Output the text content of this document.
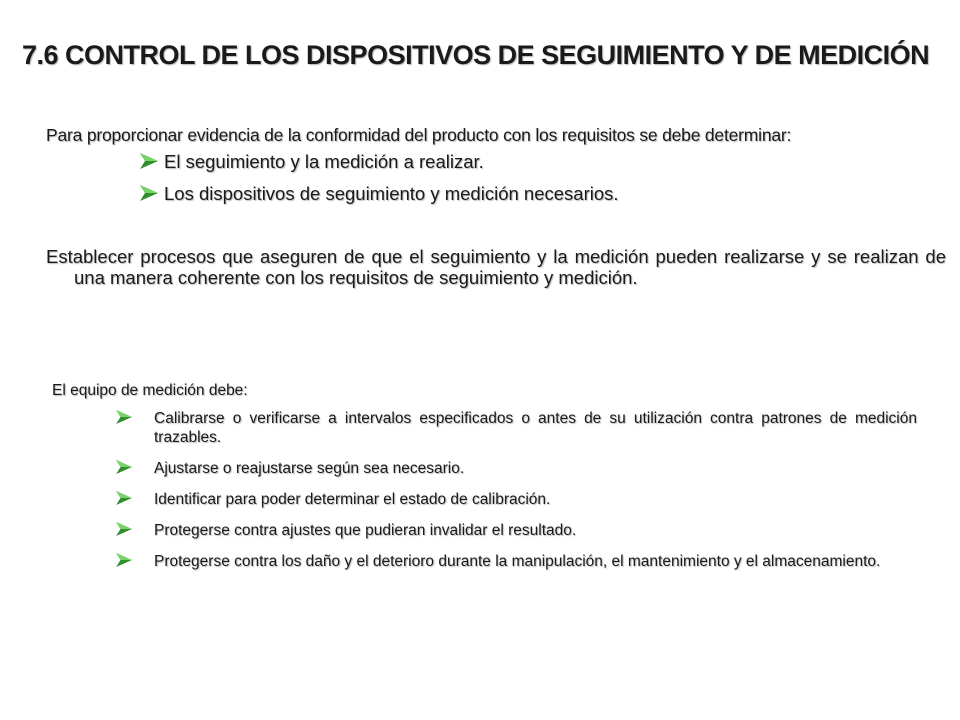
7.6 CONTROL DE LOS DISPOSITIVOS DE SEGUIMIENTO Y DE MEDICIÓN

Para proporcionar evidencia de la conformidad del producto con los requisitos se debe determinar:

El seguimiento y la medición a realizar.
Los dispositivos de seguimiento y medición necesarios.

Establecer procesos que aseguren de que el seguimiento y la medición pueden realizarse y se realizan de una manera coherente con los requisitos de seguimiento y medición.

El equipo de medición debe:

Calibrarse o verificarse a intervalos especificados o antes de su utilización contra patrones de medición trazables.
Ajustarse o reajustarse según sea necesario.
Identificar para poder determinar el estado de calibración.
Protegerse contra ajustes que pudieran invalidar el resultado.
Protegerse contra los daño y el deterioro durante la manipulación, el mantenimiento y el almacenamiento.
